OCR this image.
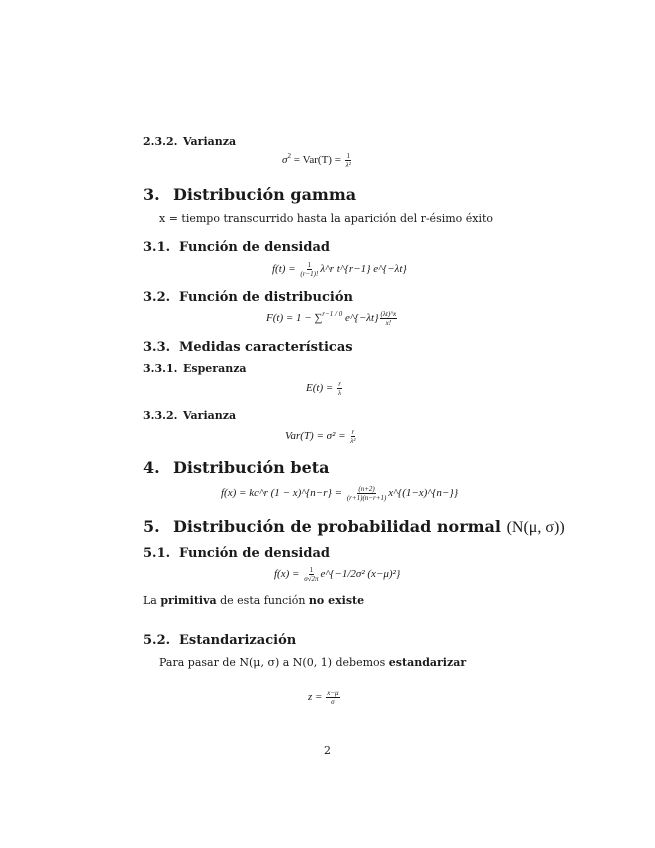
2.3.2. Varianza
$\sigma^2 = Var(T) = \frac{1}{\text{λ²}}$
3. Distribución gamma
x = tiempo transcurrido hasta la aparición del r-ésimo éxito
3.1. Función de densidad
$f(t) = \frac{1}{(r-1)!}$ λ^r t^{r−1} e^{−λt}
3.2. Función de distribución
F(t) = 1 − ∑$^{r-1 / 0}$ e^{−λt} $\frac{(\lambda t)\^{}x}{x!}$
3.3. Medidas características
3.3.1. Esperanza
$E(t) = \frac{r}{\lambda}$
3.3.2. Varianza
$Var(T) = \sigma^2 = \frac{r}{\text{λ²}}$
4. Distribución beta
f(x) = kc^r (1 − x)^{n−r} = $\frac{(n+2)}{(r+1)(n-r+1)}$ x^{(1−x)^{n−}}
5. Distribución de probabilidad normal (N(μ, σ))
5.1. Función de densidad
$f(x) = \frac{1}{\sigma√2\pi}$ e^{−1/2σ² (x−μ)²}
La primitiva de esta función no existe
5.2. Estandarización
Para pasar de N(μ, σ) a N(0, 1) debemos estandarizar
$z = \frac{x-\mu}{\sigma}$
2
